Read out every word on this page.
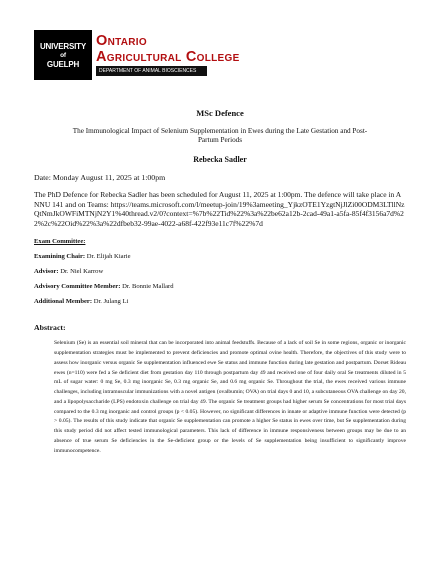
UNIVERSITY
of
GUELPH
Ontario
Agricultural College
DEPARTMENT OF ANIMAL BIOSCIENCES
MSc Defence
The Immunological Impact of Selenium Supplementation in Ewes during the Late Gestation and Post-Partum Periods
Rebecka Sadler
Date: Monday August 11, 2025 at 1:00pm
The PhD Defence for Rebecka Sadler has been scheduled for August 11, 2025 at 1:00pm. The defence will take place in ANNU 141 and on Teams: https://teams.microsoft.com/l/meetup-join/19%3ameeting_YjkzOTE1YzgtNjJlZi00ODM3LTllNzQtNmJkOWFiMTNjN2Y1%40thread.v2/0?context=%7b%22Tid%22%3a%22be62a12b-2cad-49a1-a5fa-85f4f3156a7d%22%2c%22Oid%22%3a%22dfbeb32-99ae-4022-a68f-422f93e11c7f%22%7d
Exam Committee:
Examining Chair: Dr. Elijah Kiarie
Advisor: Dr. Niel Karrow
Advisory Committee Member: Dr. Bonnie Mallard
Additional Member: Dr. Julang Li
Abstract:
Selenium (Se) is an essential soil mineral that can be incorporated into animal feedstuffs. Because of a lack of soil Se in some regions, organic or inorganic supplementation strategies must be implemented to prevent deficiencies and promote optimal ovine health. Therefore, the objectives of this study were to assess how inorganic versus organic Se supplementation influenced ewe Se status and immune function during late gestation and postpartum. Dorset Rideau ewes (n=110) were fed a Se deficient diet from gestation day 110 through postpartum day 49 and received one of four daily oral Se treatments diluted in 5 mL of sugar water: 0 mg Se, 0.3 mg inorganic Se, 0.3 mg organic Se, and 0.6 mg organic Se. Throughout the trial, the ewes received various immune challenges, including intramuscular immunizations with a novel antigen (ovalbumin; OVA) on trial days 0 and 10, a subcutaneous OVA challenge on day 20, and a lipopolysaccharide (LPS) endotoxin challenge on trial day 49. The organic Se treatment groups had higher serum Se concentrations for most trial days compared to the 0.3 mg inorganic and control groups (p < 0.05). However, no significant differences in innate or adaptive immune function were detected (p > 0.05). The results of this study indicate that organic Se supplementation can promote a higher Se status in ewes over time, but Se supplementation during this study period did not affect tested immunological parameters. This lack of difference in immune responsiveness between groups may be due to an absence of true serum Se deficiencies in the Se-deficient group or the levels of Se supplementation being insufficient to significantly improve immunocompetence.
